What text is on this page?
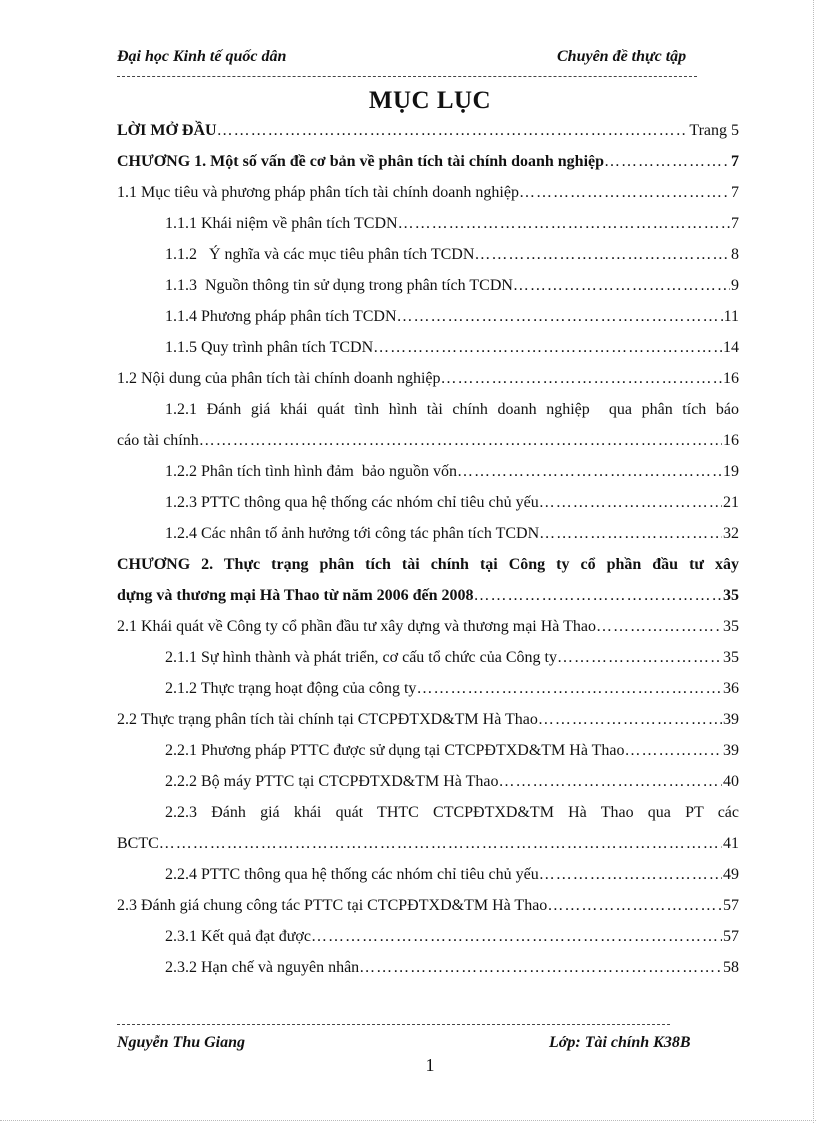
Đại học Kinh tế quốc dân	Chuyên đề thực tập
MỤC LỤC
LỜI MỞ ĐẦU ……………………………………………………………………………………………………………………………………………	Trang 5
CHƯƠNG 1. Một số vấn đề cơ bản về phân tích tài chính doanh nghiệp ……………………………………………………………………………………………………………………………………………	7
1.1 Mục tiêu và phương pháp phân tích tài chính doanh nghiệp ……………………………………………………………………………………………………………………………………………	7
1.1.1 Khái niệm về phân tích TCDN ……………………………………………………………………………………………………………………………………………	7
1.1.2   Ý nghĩa và các mục tiêu phân tích TCDN ……………………………………………………………………………………………………………………………………………	8
1.1.3  Nguồn thông tin sử dụng trong phân tích TCDN ……………………………………………………………………………………………………………………………………………	9
1.1.4 Phương pháp phân tích TCDN ……………………………………………………………………………………………………………………………………………	11
1.1.5 Quy trình phân tích TCDN ……………………………………………………………………………………………………………………………………………	14
1.2 Nội dung của phân tích tài chính doanh nghiệp ……………………………………………………………………………………………………………………………………………	16
1.2.1 Đánh giá khái quát tình hình tài chính doanh nghiệp  qua phân tích báo
cáo tài chính ……………………………………………………………………………………………………………………………………………	16
1.2.2 Phân tích tình hình đảm  bảo nguồn vốn ……………………………………………………………………………………………………………………………………………	19
1.2.3 PTTC thông qua hệ thống các nhóm chỉ tiêu chủ yếu ……………………………………………………………………………………………………………………………………………	21
1.2.4 Các nhân tố ảnh hưởng tới công tác phân tích TCDN ……………………………………………………………………………………………………………………………………………	32
CHƯƠNG 2. Thực trạng phân tích tài chính tại Công ty cổ phần đầu tư xây
dựng và thương mại Hà Thao từ năm 2006 đến 2008 ……………………………………………………………………………………………………………………………………………	35
2.1 Khái quát về Công ty cổ phần đầu tư xây dựng và thương mại Hà Thao ……………………………………………………………………………………………………………………………………………	35
2.1.1 Sự hình thành và phát triển, cơ cấu tổ chức của Công ty ……………………………………………………………………………………………………………………………………………	35
2.1.2 Thực trạng hoạt động của công ty ……………………………………………………………………………………………………………………………………………	36
2.2 Thực trạng phân tích tài chính tại CTCPĐTXD&TM Hà Thao ……………………………………………………………………………………………………………………………………………	39
2.2.1 Phương pháp PTTC được sử dụng tại CTCPĐTXD&TM Hà Thao ……………………………………………………………………………………………………………………………………………	39
2.2.2 Bộ máy PTTC tại CTCPĐTXD&TM Hà Thao ……………………………………………………………………………………………………………………………………………	40
2.2.3 Đánh giá khái quát THTC CTCPĐTXD&TM Hà Thao qua PT các
BCTC ……………………………………………………………………………………………………………………………………………	41
2.2.4 PTTC thông qua hệ thống các nhóm chỉ tiêu chủ yếu ……………………………………………………………………………………………………………………………………………	49
2.3 Đánh giá chung công tác PTTC tại CTCPĐTXD&TM Hà Thao ……………………………………………………………………………………………………………………………………………	57
2.3.1 Kết quả đạt được ……………………………………………………………………………………………………………………………………………	57
2.3.2 Hạn chế và nguyên nhân ……………………………………………………………………………………………………………………………………………	58
Nguyễn Thu Giang	Lớp: Tài chính K38B
1
